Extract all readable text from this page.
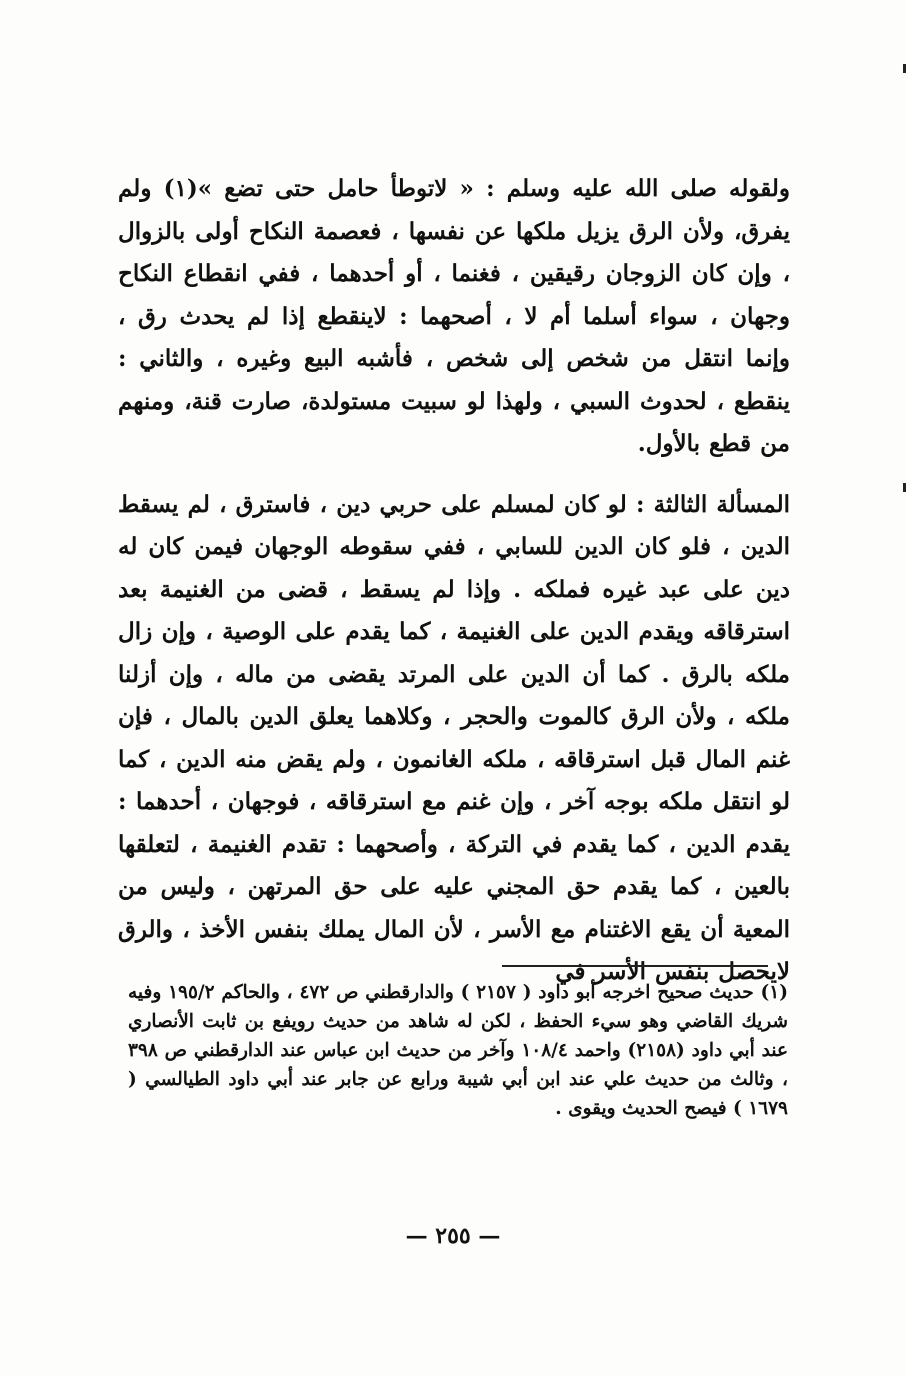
ولقوله صلى الله عليه وسلم : « لاتوطأ حامل حتى تضع »(١) ولم يفرق، ولأن الرق يزيل ملكها عن نفسها ، فعصمة النكاح أولى بالزوال ، وإن كان الزوجان رقيقين ، فغنما ، أو أحدهما ، ففي انقطاع النكاح وجهان ، سواء أسلما أم لا ، أصحهما : لاينقطع إذا لم يحدث رق ، وإنما انتقل من شخص إلى شخص ، فأشبه البيع وغيره ، والثاني : ينقطع ، لحدوث السبي ، ولهذا لو سبيت مستولدة، صارت قنة، ومنهم من قطع بالأول.

المسألة الثالثة : لو كان لمسلم على حربي دين ، فاسترق ، لم يسقط الدين ، فلو كان الدين للسابي ، ففي سقوطه الوجهان فيمن كان له دين على عبد غيره فملكه . وإذا لم يسقط ، قضى من الغنيمة بعد استرقاقه ويقدم الدين على الغنيمة ، كما يقدم على الوصية ، وإن زال ملكه بالرق . كما أن الدين على المرتد يقضى من ماله ، وإن أزلنا ملكه ، ولأن الرق كالموت والحجر ، وكلاهما يعلق الدين بالمال ، فإن غنم المال قبل استرقاقه ، ملكه الغانمون ، ولم يقض منه الدين ، كما لو انتقل ملكه بوجه آخر ، وإن غنم مع استرقاقه ، فوجهان ، أحدهما : يقدم الدين ، كما يقدم في التركة ، وأصحهما : تقدم الغنيمة ، لتعلقها بالعين ، كما يقدم حق المجني عليه على حق المرتهن ، وليس من المعية أن يقع الاغتنام مع الأسر ، لأن المال يملك بنفس الأخذ ، والرق لايحصل بنفس الأسر في

(١) حديث صحيح اخرجه أبو داود ( ٢١٥٧ ) والدارقطني ص ٤٧٢ ، والحاكم ١٩٥/٢ وفيه شريك القاضي وهو سيء الحفظ ، لكن له شاهد من حديث رويفع بن ثابت الأنصاري عند أبي داود (٢١٥٨) واحمد ١٠٨/٤ وآخر من حديث ابن عباس عند الدارقطني ص ٣٩٨ ، وثالث من حديث علي عند ابن أبي شيبة ورابع عن جابر عند أبي داود الطيالسي ( ١٦٧٩ ) فيصح الحديث ويقوى .

— ٢٥٥ —
